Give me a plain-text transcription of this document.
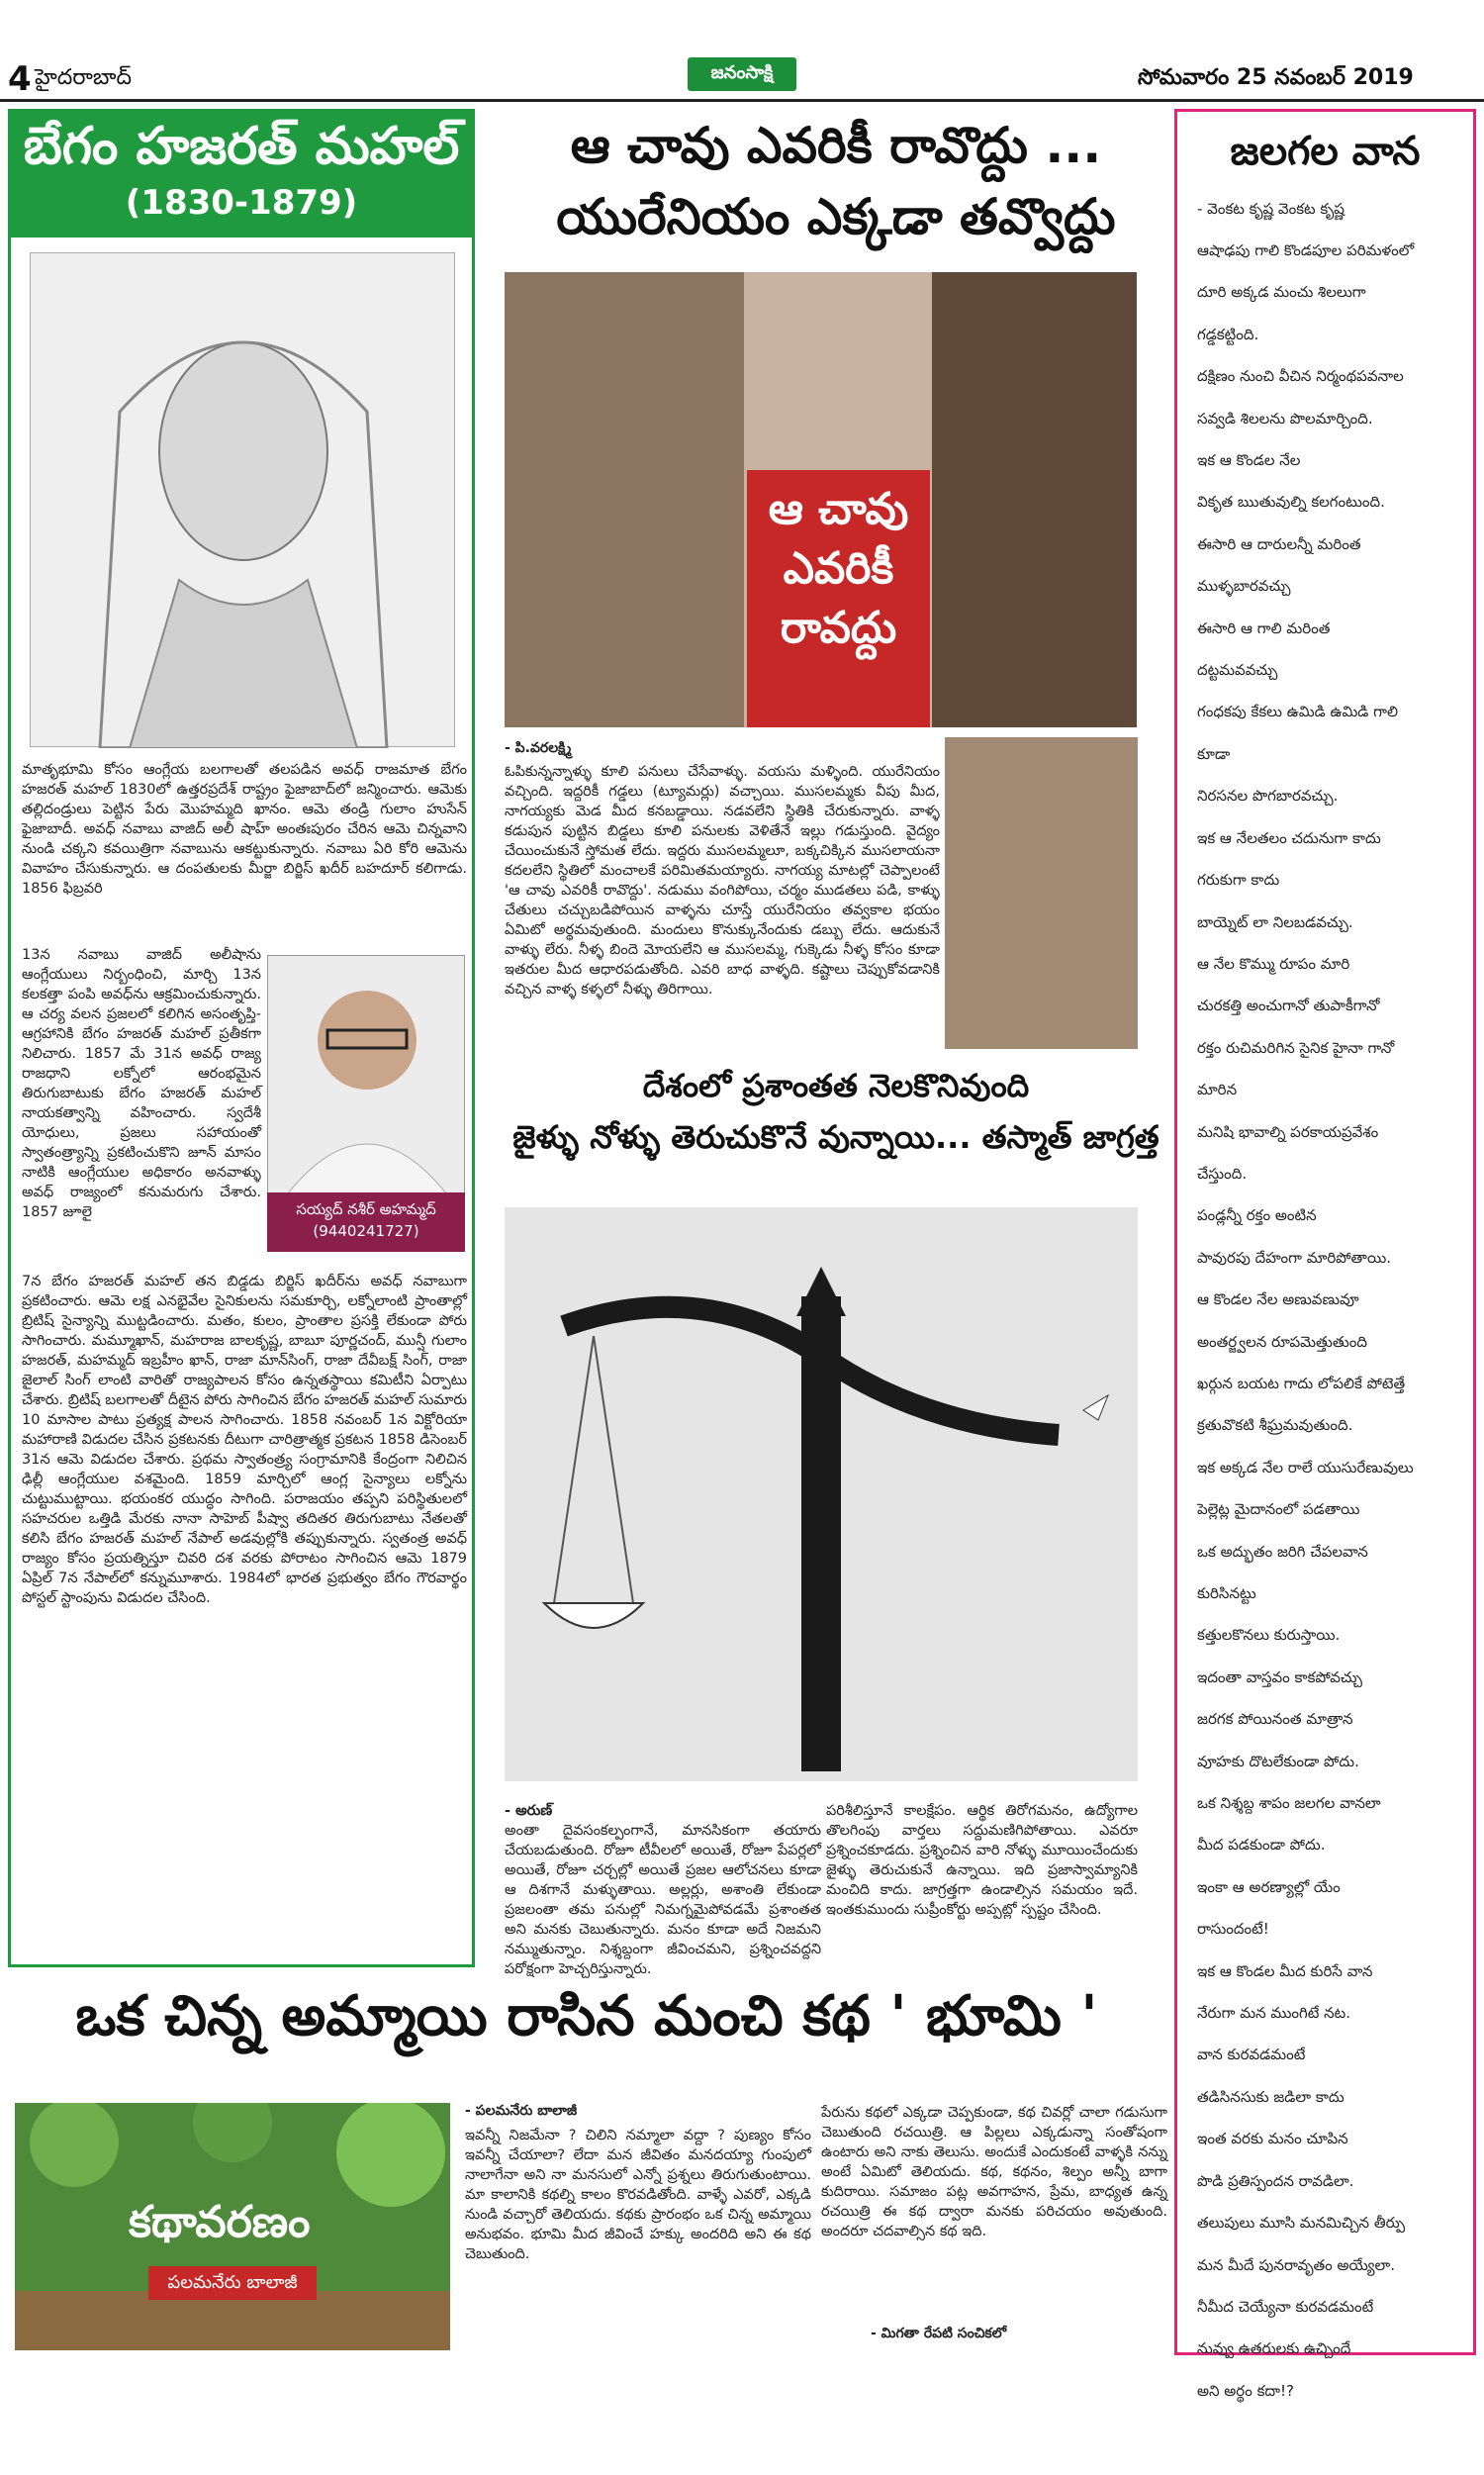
4 హైదరాబాద్	జనంసాక్షి	సోమవారం 25 నవంబర్ 2019
బేగం హజరత్ మహల్
(1830-1879)
మాతృభూమి కోసం ఆంగ్లేయ బలగాలతో తలపడిన అవధ్ రాజమాత బేగం హజరత్ మహల్ 1830లో ఉత్తరప్రదేశ్ రాష్ట్రం ఫైజాబాద్‌లో జన్మించారు. ఆమెకు తల్లిదండ్రులు పెట్టిన పేరు మొహమ్మది ఖానం. ఆమె తండ్రి గులాం హుసేన్ ఫైజాబాదీ. అవధ్ నవాబు వాజిద్ అలీ షాహ్ అంతఃపురం చేరిన ఆమె చిన్నవాని నుండి చక్కని కవయిత్రిగా నవాబును ఆకట్టుకున్నారు. నవాబు ఏరి కోరి ఆమెను వివాహం చేసుకున్నారు. ఆ దంపతులకు మీర్జా బిర్జిస్ ఖదీర్ బహదూర్ కలిగాడు. 1856 ఫిబ్రవరి
13న నవాబు వాజిద్ అలీషాను ఆంగ్లేయులు నిర్బంధించి, మార్చి 13న కలకత్తా పంపి అవధ్‌ను ఆక్రమించుకున్నారు. ఆ చర్య వలన ప్రజలలో కలిగిన అసంతృప్తి-ఆగ్రహానికి బేగం హజరత్ మహల్ ప్రతీకగా నిలిచారు. 1857 మే 31న అవధ్ రాజ్య రాజధాని లక్నోలో ఆరంభమైన తిరుగుబాటుకు బేగం హజరత్ మహల్ నాయకత్వాన్ని వహించారు. స్వదేశీ యోధులు, ప్రజలు సహాయంతో స్వాతంత్ర్యాన్ని ప్రకటించుకొని జూన్ మాసం నాటికి ఆంగ్లేయుల అధికారం అనవాళ్ళు అవధ్ రాజ్యంలో కనుమరుగు చేశారు. 1857 జూలై	సయ్యద్ నశీర్ అహమ్మద్
(9440241727)
7న బేగం హజరత్ మహల్ తన బిడ్డడు బిర్జిస్ ఖదీర్‌ను అవధ్ నవాబుగా ప్రకటించారు. ఆమె లక్ష ఎనభైవేల సైనికులను సమకూర్చి, లక్నోలాంటి ప్రాంతాల్లో బ్రిటిష్ సైన్యాన్ని ముట్టడించారు. మతం, కులం, ప్రాంతాల ప్రసక్తి లేకుండా పోరు సాగించారు. మమ్మూఖాన్, మహరాజ బాలకృష్ణ, బాబూ పూర్ణచంద్, మున్షీ గులాం హజరత్, మహమ్మద్ ఇబ్రహీం ఖాన్, రాజా మాన్‌సింగ్, రాజా దేవీబక్ష్ సింగ్, రాజా జైలాల్ సింగ్ లాంటి వారితో రాజ్యపాలన కోసం ఉన్నతస్థాయి కమిటీని ఏర్పాటు చేశారు. బ్రిటిష్ బలగాలతో దీటైన పోరు సాగించిన బేగం హజరత్ మహల్ సుమారు 10 మాసాల పాటు ప్రత్యక్ష పాలన సాగించారు. 1858 నవంబర్ 1న విక్టోరియా మహారాణి విడుదల చేసిన ప్రకటనకు దీటుగా చారిత్రాత్మక ప్రకటన 1858 డిసెంబర్ 31న ఆమె విడుదల చేశారు. ప్రథమ స్వాతంత్ర్య సంగ్రామానికి కేంద్రంగా నిలిచిన ఢిల్లీ ఆంగ్లేయుల వశమైంది. 1859 మార్చిలో ఆంగ్ల సైన్యాలు లక్నోను చుట్టుముట్టాయి. భయంకర యుద్ధం సాగింది. పరాజయం తప్పని పరిస్థితులలో సహచరుల ఒత్తిడి మేరకు నానా సాహెబ్ పీష్వా తదితర తిరుగుబాటు నేతలతో కలిసి బేగం హజరత్ మహల్ నేపాల్ అడవుల్లోకి తప్పుకున్నారు. స్వతంత్ర అవధ్ రాజ్యం కోసం ప్రయత్నిస్తూ చివరి దశ వరకు పోరాటం సాగించిన ఆమె 1879 ఏప్రిల్ 7న నేపాల్‌లో కన్నుమూశారు. 1984లో భారత ప్రభుత్వం బేగం గౌరవార్థం పోస్టల్ స్టాంపును విడుదల చేసింది.
ఆ చావు ఎవరికీ రావొద్దు ...
యురేనియం ఎక్కడా తవ్వొద్దు
ఆ చావు ఎవరికీ రావద్దు
- పి.వరలక్ష్మి
ఓపికున్నన్నాళ్ళు కూలి పనులు చేసేవాళ్ళు. వయసు మళ్ళింది. యురేనియం వచ్చింది. ఇద్దరికీ గడ్డలు (ట్యూమర్లు) వచ్చాయి. ముసలమ్మకు వీపు మీద, నాగయ్యకు మెడ మీద కనబడ్డాయి. నడవలేని స్థితికి చేరుకున్నారు. వాళ్ళ కడుపున పుట్టిన బిడ్డలు కూలి పనులకు వెళితేనే ఇల్లు గడుస్తుంది. వైద్యం చేయించుకునే స్తోమత లేదు. ఇద్దరు ముసలమ్మలూ, బక్కచిక్కిన ముసలాయనా కదలలేని స్థితిలో మంచాలకే పరిమితమయ్యారు. నాగయ్య మాటల్లో చెప్పాలంటే 'ఆ చావు ఎవరికీ రావొద్దు'. నడుము వంగిపోయి, చర్మం ముడతలు పడి, కాళ్ళు చేతులు చచ్చుబడిపోయిన వాళ్ళను చూస్తే యురేనియం తవ్వకాల భయం ఏమిటో అర్థమవుతుంది. మందులు కొనుక్కునేందుకు డబ్బు లేదు. ఆదుకునే వాళ్ళు లేరు. నీళ్ళ బిందె మోయలేని ఆ ముసలమ్మ, గుక్కెడు నీళ్ళ కోసం కూడా ఇతరుల మీద ఆధారపడుతోంది. ఎవరి బాధ వాళ్ళది. కష్టాలు చెప్పుకోవడానికి వచ్చిన వాళ్ళ కళ్ళలో నీళ్ళు తిరిగాయి.
దేశంలో ప్రశాంతత నెలకొనివుంది
జైళ్ళు నోళ్ళు తెరుచుకొనే వున్నాయి... తస్మాత్ జాగ్రత్త
- అరుణ్
అంతా దైవసంకల్పంగానే, మానసికంగా తయారు చేయబడుతుంది. రోజూ టీవీలలో అయితే, రోజూ పేపర్లలో అయితే, రోజూ చర్చల్లో అయితే ప్రజల ఆలోచనలు కూడా ఆ దిశగానే మళ్ళుతాయి. అల్లర్లు, అశాంతి లేకుండా ప్రజలంతా తమ పనుల్లో నిమగ్నమైపోవడమే ప్రశాంతత అని మనకు చెబుతున్నారు. మనం కూడా అదే నిజమని నమ్ముతున్నాం. నిశ్శబ్దంగా జీవించమని, ప్రశ్నించవద్దని పరోక్షంగా హెచ్చరిస్తున్నారు.
పరిశీలిస్తూనే కాలక్షేపం. ఆర్థిక తిరోగమనం, ఉద్యోగాల తొలగింపు వార్తలు సద్దుమణిగిపోతాయి. ఎవరూ ప్రశ్నించకూడదు. ప్రశ్నించిన వారి నోళ్ళు మూయించేందుకు జైళ్ళు తెరుచుకునే ఉన్నాయి. ఇది ప్రజాస్వామ్యానికి మంచిది కాదు. జాగ్రత్తగా ఉండాల్సిన సమయం ఇదే. ఇంతకుముందు సుప్రీంకోర్టు అప్పట్లో స్పష్టం చేసింది.
జలగల వాన
- వెంకట కృష్ణ వెంకట కృష్ణ
ఆషాఢపు గాలి కొండపూల పరిమళంలో
దూరి అక్కడ మంచు శిలలుగా
గడ్డకట్టింది.
దక్షిణం నుంచి వీచిన నిర్మంథపవనాల
సవ్వడి శిలలను పొలమార్చింది.
ఇక ఆ కొండల నేల
వికృత ఋతువుల్ని కలగంటుంది.
ఈసారి ఆ దారులన్నీ మరింత
ముళ్ళబారవచ్చు
ఈసారి ఆ గాలి మరింత
దట్టమవవచ్చు
గంధకపు కేకలు ఉమిడి ఉమిడి గాలి
కూడా
నిరసనల పొగబారవచ్చు.
ఇక ఆ నేలతలం చదునుగా కాదు
గరుకుగా కాదు
బాయ్నెట్ లా నిలబడవచ్చు.
ఆ నేల కొమ్ము రూపం మారి
చురకత్తి అంచుగానో తుపాకీగానో
రక్తం రుచిమరిగిన సైనిక హైనా గానో
మారిన
మనిషి భావాల్ని పరకాయప్రవేశం
చేస్తుంది.
పండ్లన్నీ రక్తం అంటిన
పావురపు దేహంగా మారిపోతాయి.
ఆ కొండల నేల అణువణువూ
అంతర్జ్వలన రూపమెత్తుతుంది
ఖర్గున బయట గాదు లోపలికే పోటెత్తే
క్రతువొకటి శీఘ్రమవుతుంది.
ఇక అక్కడ నేల రాలే యుసురేణువులు
పెల్లెట్ల మైదానంలో పడతాయి
ఒక అద్భుతం జరిగి చేపలవాన
కురిసినట్టు
కత్తులకొనలు కురుస్తాయి.
ఇదంతా వాస్తవం కాకపోవచ్చు
జరగక పోయినంత మాత్రాన
వూహకు దొటలేకుండా పోదు.
ఒక నిశ్శబ్ద శాపం జలగల వానలా
మీద పడకుండా పోదు.
ఇంకా ఆ అరణ్యాల్లో యేం
రాసుందంటే!
ఇక ఆ కొండల మీద కురిసే వాన
నేరుగా మన ముంగిటే నట.
వాన కురవడమంటే
తడిసినసుకు జడిలా కాదు
ఇంత వరకు మనం చూపిన
పొడి ప్రతిస్పందన రావడిలా.
తలుపులు మూసి మనమిచ్చిన తీర్పు
మన మీదే పునరావృతం అయ్యేలా.
నీమీద చెయ్యేనా కురవడమంటే
నువ్వు ఉతరులకు ఉచ్చిందే
అని అర్థం కదా!?
ఒక చిన్న అమ్మాయి రాసిన మంచి కథ ' భూమి '
కథావరణం
పలమనేరు బాలాజీ
- పలమనేరు బాలాజీ
ఇవన్నీ నిజమేనా ? చిలిని నమ్మాలా వద్దా ? పుణ్యం కోసం ఇవన్నీ చేయాలా? లేదా మన జీవితం మనదయ్యా గుంపులో నాలాగేనా అని నా మనసులో ఎన్నో ప్రశ్నలు తిరుగుతుంటాయి. మా కాలానికి కథల్ని కాలం కొరవడితోంది. వాళ్ళే ఎవరో, ఎక్కడి నుండి వచ్చారో తెలియదు. కథకు ప్రారంభం ఒక చిన్న అమ్మాయి అనుభవం. భూమి మీద జీవించే హక్కు అందరిది అని ఈ కథ చెబుతుంది.
పేరును కథలో ఎక్కడా చెప్పకుండా, కథ చివర్లో చాలా గడుసుగా చెబుతుంది రచయిత్రి. ఆ పిల్లలు ఎక్కడున్నా సంతోషంగా ఉంటారు అని నాకు తెలుసు. అందుకే ఎందుకంటే వాళ్ళకి నన్ను అంటే ఏమిటో తెలియదు. కథ, కథనం, శిల్పం అన్నీ బాగా కుదిరాయి. సమాజం పట్ల అవగాహన, ప్రేమ, బాధ్యత ఉన్న రచయిత్రి ఈ కథ ద్వారా మనకు పరిచయం అవుతుంది. అందరూ చదవాల్సిన కథ ఇది.
- మిగతా రేపటి సంచికలో
